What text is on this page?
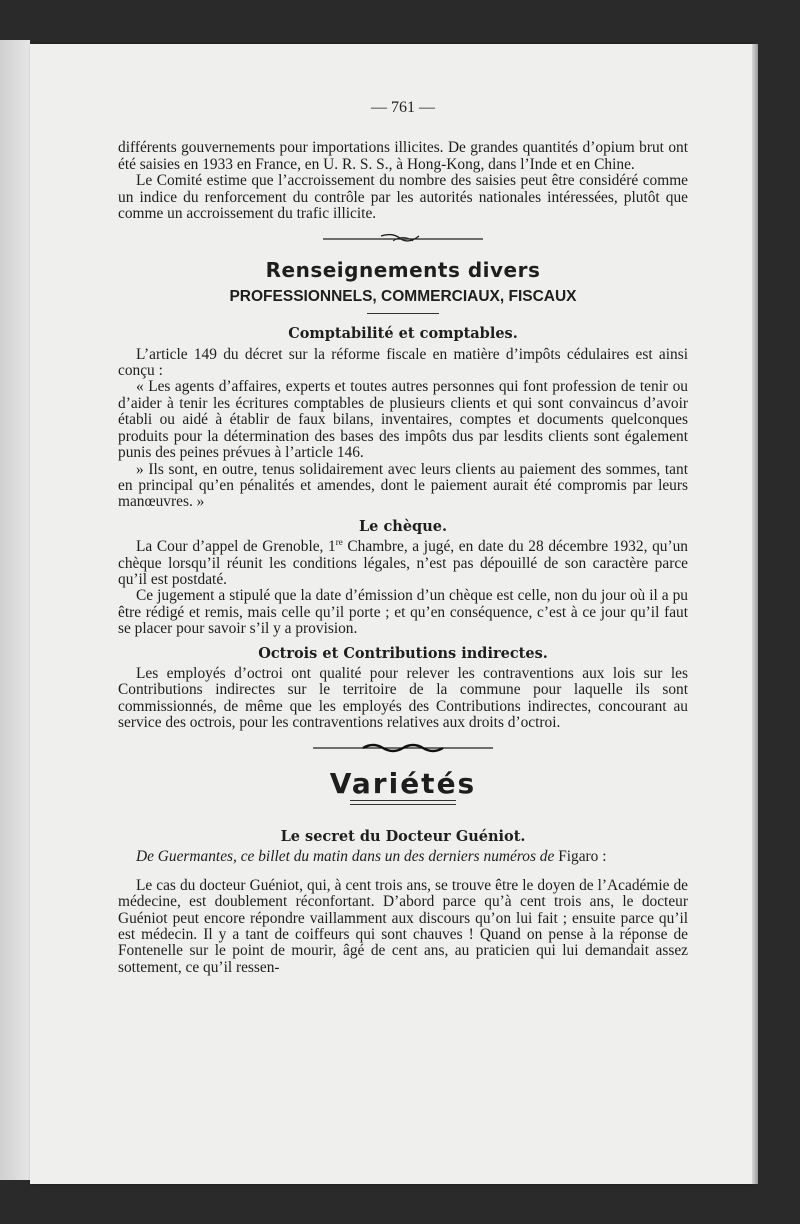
— 761 —

différents gouvernements pour importations illicites. De grandes quantités d’opium brut ont été saisies en 1933 en France, en U. R. S. S., à Hong-Kong, dans l’Inde et en Chine.

Le Comité estime que l’accroissement du nombre des saisies peut être considéré comme un indice du renforcement du contrôle par les autorités nationales intéressées, plutôt que comme un accroissement du trafic illicite.

Renseignements divers
PROFESSIONNELS, COMMERCIAUX, FISCAUX
Comptabilité et comptables.

L’article 149 du décret sur la réforme fiscale en matière d’impôts cédulaires est ainsi conçu :

« Les agents d’affaires, experts et toutes autres personnes qui font profession de tenir ou d’aider à tenir les écritures comptables de plusieurs clients et qui sont convaincus d’avoir établi ou aidé à établir de faux bilans, inventaires, comptes et documents quelconques produits pour la détermination des bases des impôts dus par lesdits clients sont également punis des peines prévues à l’article 146.

» Ils sont, en outre, tenus solidairement avec leurs clients au paiement des sommes, tant en principal qu’en pénalités et amendes, dont le paiement aurait été compromis par leurs manœuvres. »

Le chèque.

La Cour d’appel de Grenoble, 1re Chambre, a jugé, en date du 28 décembre 1932, qu’un chèque lorsqu’il réunit les conditions légales, n’est pas dépouillé de son caractère parce qu’il est postdaté.

Ce jugement a stipulé que la date d’émission d’un chèque est celle, non du jour où il a pu être rédigé et remis, mais celle qu’il porte ; et qu’en conséquence, c’est à ce jour qu’il faut se placer pour savoir s’il y a provision.

Octrois et Contributions indirectes.

Les employés d’octroi ont qualité pour relever les contraventions aux lois sur les Contributions indirectes sur le territoire de la commune pour laquelle ils sont commissionnés, de même que les employés des Contributions indirectes, concourant au service des octrois, pour les contraventions relatives aux droits d’octroi.

Variétés
Le secret du Docteur Guéniot.

De Guermantes, ce billet du matin dans un des derniers numéros de Figaro :

Le cas du docteur Guéniot, qui, à cent trois ans, se trouve être le doyen de l’Académie de médecine, est doublement réconfortant. D’abord parce qu’à cent trois ans, le docteur Guéniot peut encore répondre vaillamment aux discours qu’on lui fait ; ensuite parce qu’il est médecin. Il y a tant de coiffeurs qui sont chauves ! Quand on pense à la réponse de Fontenelle sur le point de mourir, âgé de cent ans, au praticien qui lui demandait assez sottement, ce qu’il ressen-
